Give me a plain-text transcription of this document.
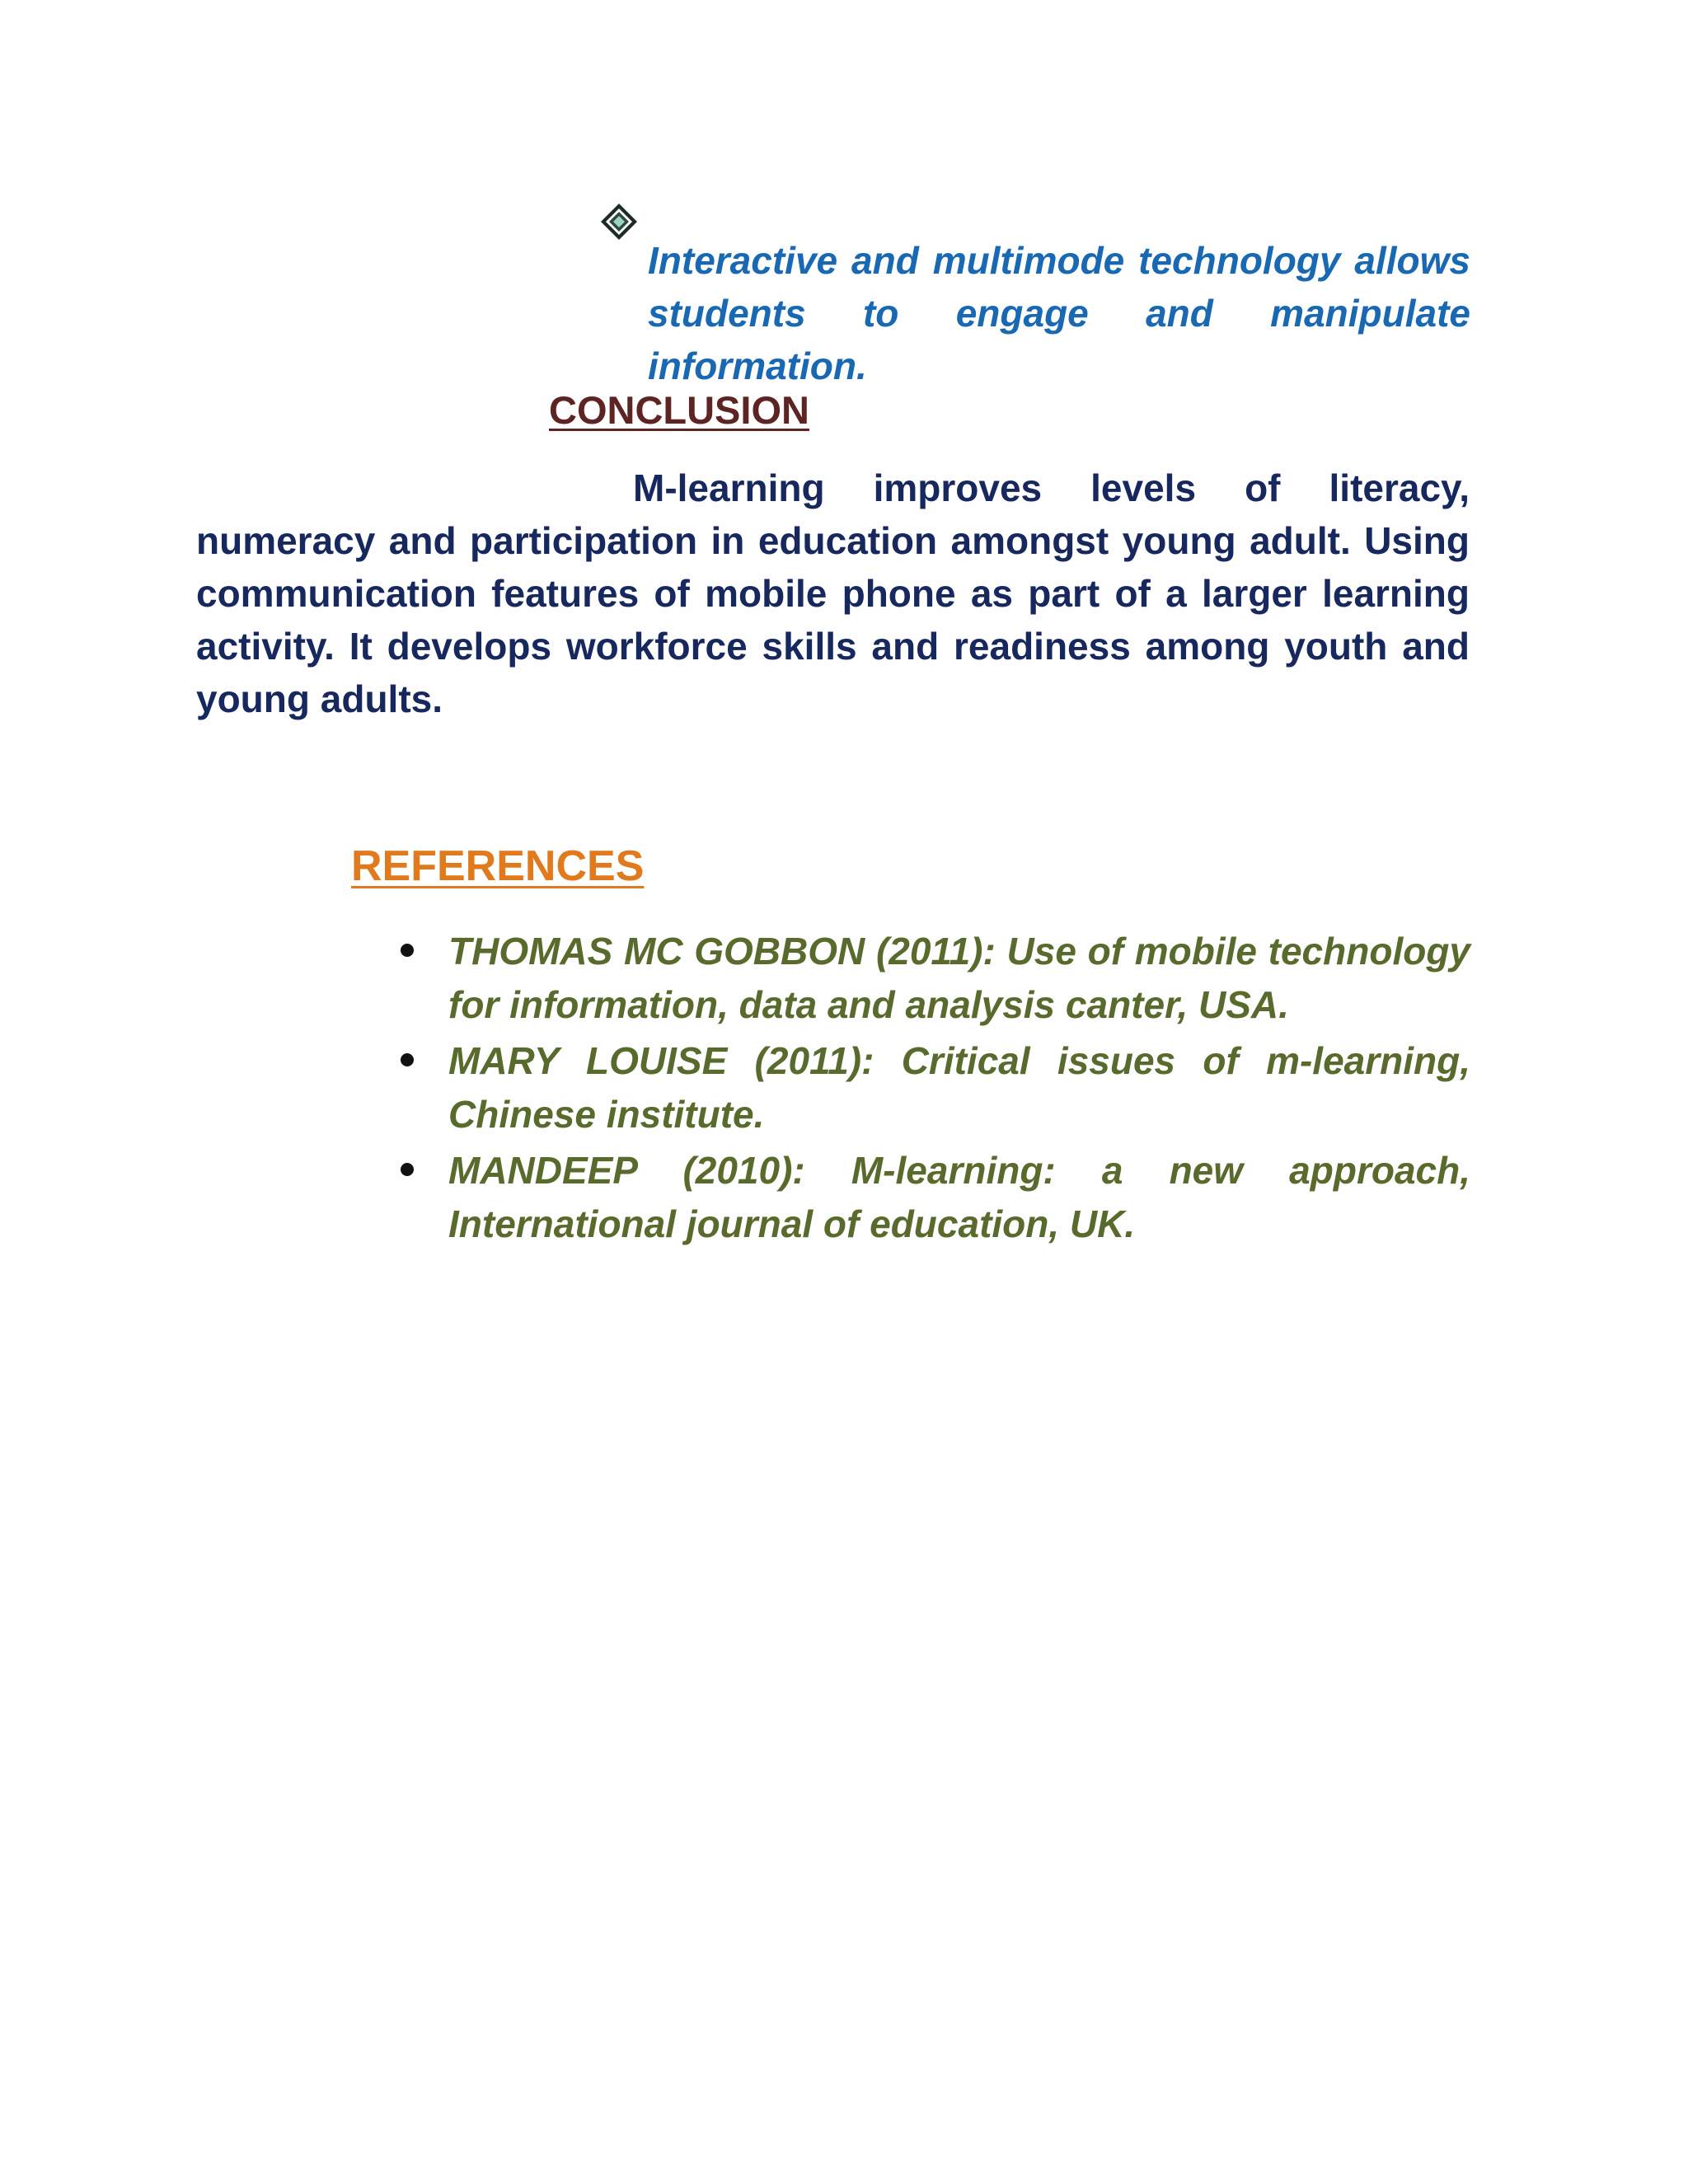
Interactive and multimode technology allows students to engage and manipulate information.

CONCLUSION

M-learning improves levels of literacy, numeracy and participation in education amongst young adult. Using communication features of mobile phone as part of a larger learning activity. It develops workforce skills and readiness among youth and young adults.

REFERENCES
THOMAS MC GOBBON (2011): Use of mobile technology for information, data and analysis canter, USA.
MARY LOUISE (2011): Critical issues of m-learning, Chinese institute.
MANDEEP (2010): M-learning: a new approach, International journal of education, UK.
